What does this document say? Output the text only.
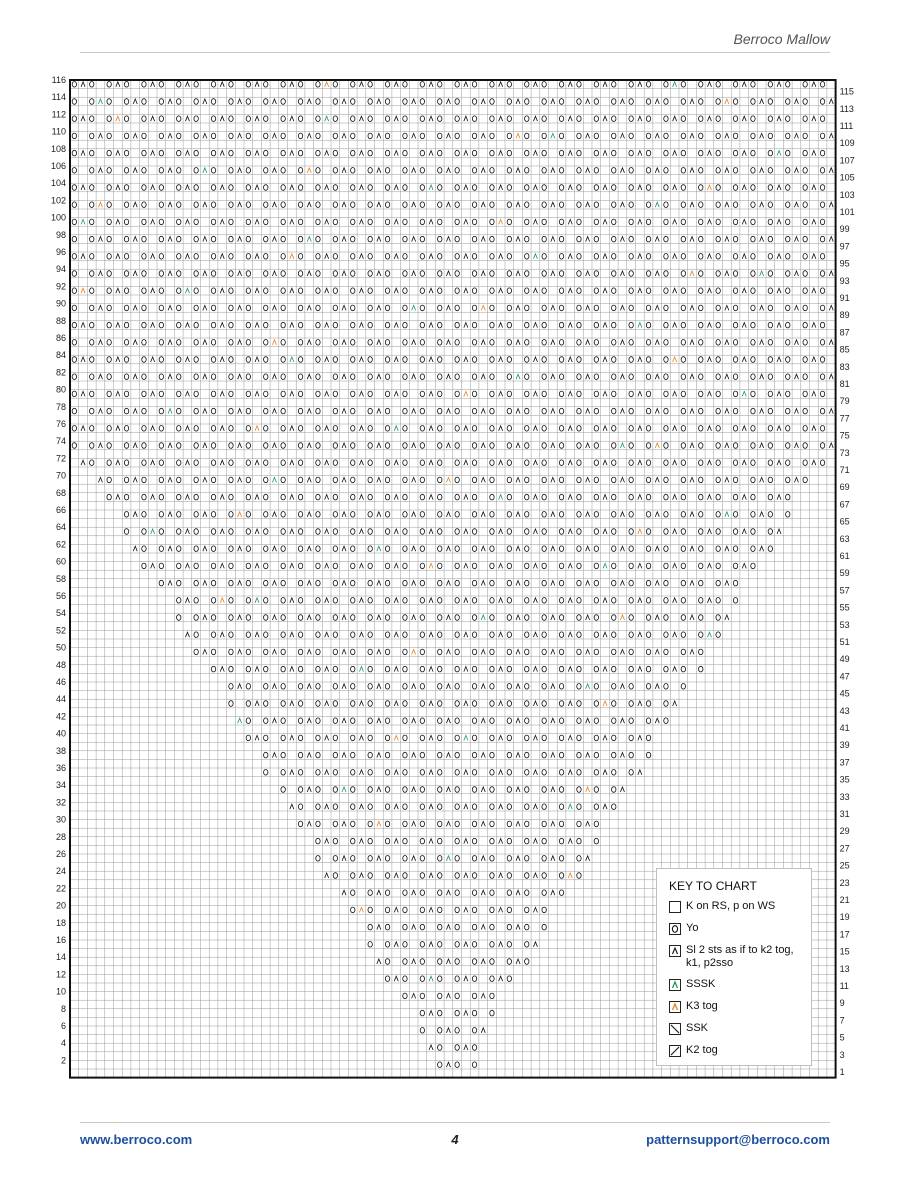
Berroco Mallow
116
114
112
110
108
106
104
102
100
98
96
94
92
90
88
86
84
82
80
78
76
74
72
70
68
66
64
62
60
58
56
54
52
50
48
46
44
42
40
38
36
34
32
30
28
26
24
22
20
18
16
14
12
10
8
6
4
2
115
113
111
109
107
105
103
101
99
97
95
93
91
89
87
85
83
81
79
77
75
73
71
69
67
65
63
61
59
57
55
53
51
49
47
45
43
41
39
37
35
33
31
29
27
25
23
21
19
17
15
13
11
9
7
5
3
1
KEY TO CHART
K on RS, p on WS
Yo
Sl 2 sts as if to k2 tog, k1, p2sso
SSSK
K3 tog
SSK
K2 tog
www.berroco.com	4	patternsupport@berroco.com
